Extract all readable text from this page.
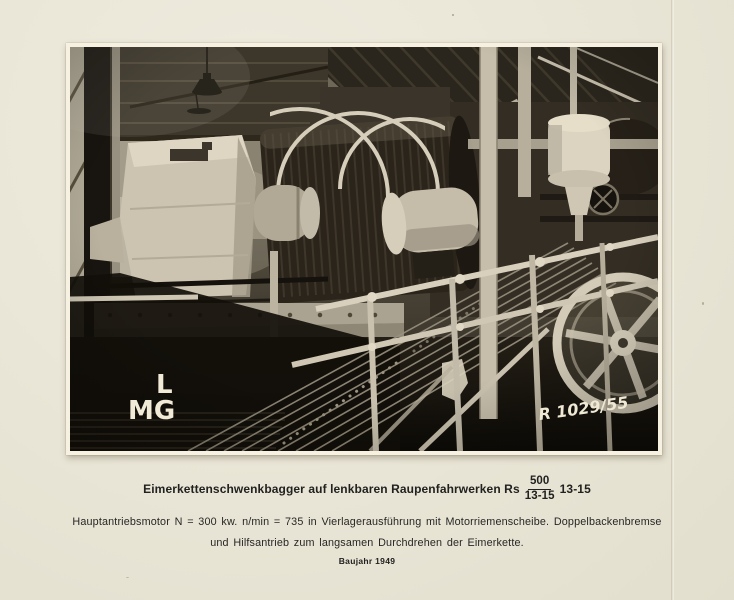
L
MG	R 1029/55
Eimerkettenschwenkbagger auf lenkbaren Raupenfahrwerken Rs $\frac{500}{13-15} 13-15$
Hauptantriebsmotor N = 300 kw. n/min = 735 in Vierlagerausführung mit Motorriemenscheibe. Doppelbackenbremse
und Hilfsantrieb zum langsamen Durchdrehen der Eimerkette.
Baujahr 1949
